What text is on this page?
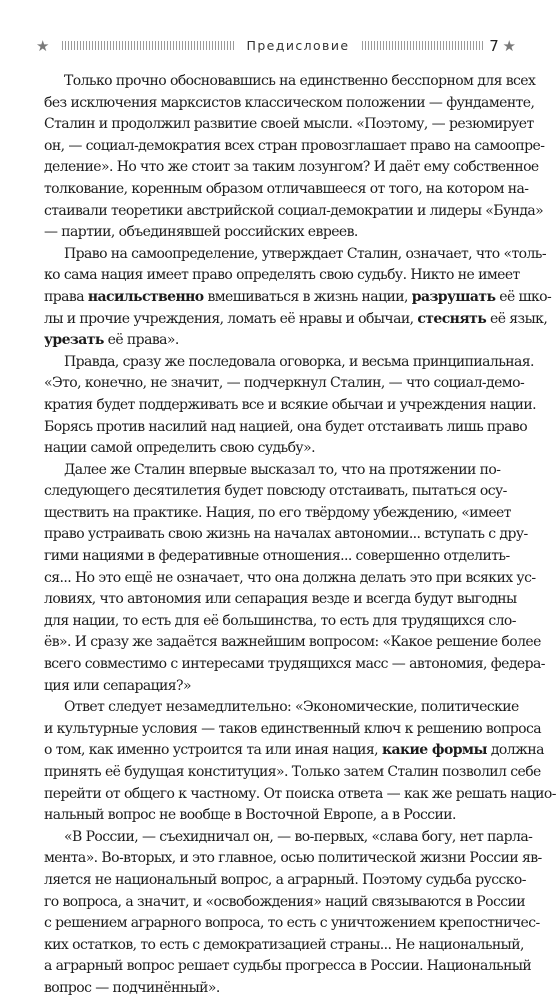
★	Предисловие	7 ★
Только прочно обосновавшись на единственно бесспорном для всех
без исключения марксистов классическом положении — фундаменте,
Сталин и продолжил развитие своей мысли. «Поэтому, — резюмирует
он, — социал-демократия всех стран провозглашает право на самоопре-
деление». Но что же стоит за таким лозунгом? И даёт ему собственное
толкование, коренным образом отличавшееся от того, на котором на-
стаивали теоретики австрийской социал-демократии и лидеры «Бунда»
— партии, объединявшей российских евреев.
Право на самоопределение, утверждает Сталин, означает, что «толь-
ко сама нация имеет право определять свою судьбу. Никто не имеет
права насильственно вмешиваться в жизнь нации, разрушать её шко-
лы и прочие учреждения, ломать её нравы и обычаи, стеснять её язык,
урезать её права».
Правда, сразу же последовала оговорка, и весьма принципиальная.
«Это, конечно, не значит, — подчеркнул Сталин, — что социал-демо-
кратия будет поддерживать все и всякие обычаи и учреждения нации.
Борясь против насилий над нацией, она будет отстаивать лишь право
нации самой определить свою судьбу».
Далее же Сталин впервые высказал то, что на протяжении по-
следующего десятилетия будет повсюду отстаивать, пытаться осу-
ществить на практике. Нация, по его твёрдому убеждению, «имеет
право устраивать свою жизнь на началах автономии... вступать с дру-
гими нациями в федеративные отношения... совершенно отделить-
ся... Но это ещё не означает, что она должна делать это при всяких ус-
ловиях, что автономия или сепарация везде и всегда будут выгодны
для нации, то есть для её большинства, то есть для трудящихся сло-
ёв». И сразу же задаётся важнейшим вопросом: «Какое решение более
всего совместимо с интересами трудящихся масс — автономия, федера-
ция или сепарация?»
Ответ следует незамедлительно: «Экономические, политические
и культурные условия — таков единственный ключ к решению вопроса
о том, как именно устроится та или иная нация, какие формы должна
принять её будущая конституция». Только затем Сталин позволил себе
перейти от общего к частному. От поиска ответа — как же решать нацио-
нальный вопрос не вообще в Восточной Европе, а в России.
«В России, — съехидничал он, — во-первых, «слава богу, нет парла-
мента». Во-вторых, и это главное, осью политической жизни России яв-
ляется не национальный вопрос, а аграрный. Поэтому судьба русско-
го вопроса, а значит, и «освобождения» наций связываются в России
с решением аграрного вопроса, то есть с уничтожением крепостничес-
ких остатков, то есть с демократизацией страны... Не национальный,
а аграрный вопрос решает судьбы прогресса в России. Национальный
вопрос — подчинённый».
